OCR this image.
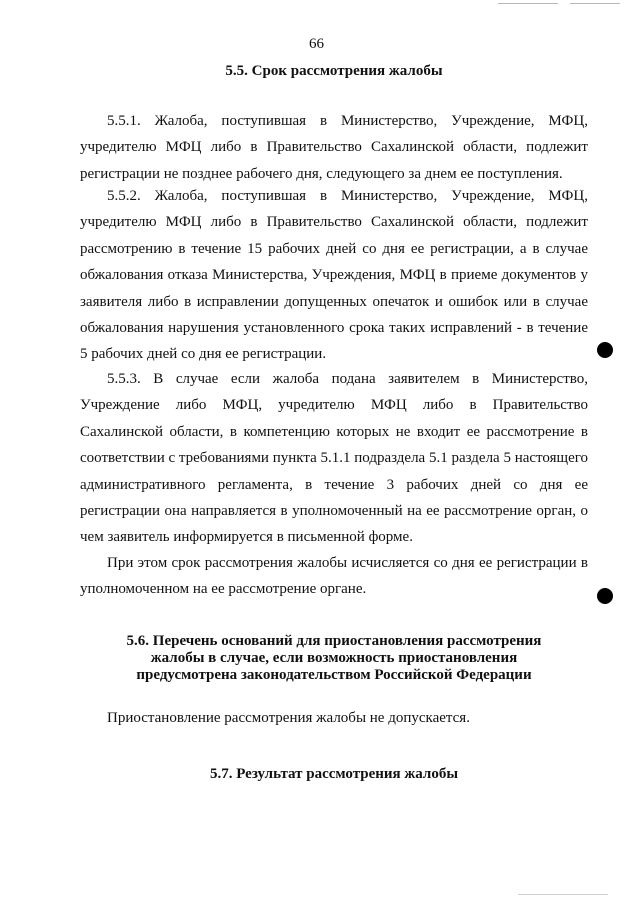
66
5.5. Срок рассмотрения жалобы
5.5.1. Жалоба, поступившая в Министерство, Учреждение, МФЦ, учредителю МФЦ либо в Правительство Сахалинской области, подлежит регистрации не позднее рабочего дня, следующего за днем ее поступления.
5.5.2. Жалоба, поступившая в Министерство, Учреждение, МФЦ, учредителю МФЦ либо в Правительство Сахалинской области, подлежит рассмотрению в течение 15 рабочих дней со дня ее регистрации, а в случае обжалования отказа Министерства, Учреждения, МФЦ в приеме документов у заявителя либо в исправлении допущенных опечаток и ошибок или в случае обжалования нарушения установленного срока таких исправлений - в течение 5 рабочих дней со дня ее регистрации.
5.5.3. В случае если жалоба подана заявителем в Министерство, Учреждение либо МФЦ, учредителю МФЦ либо в Правительство Сахалинской области, в компетенцию которых не входит ее рассмотрение в соответствии с требованиями пункта 5.1.1 подраздела 5.1 раздела 5 настоящего административного регламента, в течение 3 рабочих дней со дня ее регистрации она направляется в уполномоченный на ее рассмотрение орган, о чем заявитель информируется в письменной форме.
При этом срок рассмотрения жалобы исчисляется со дня ее регистрации в уполномоченном на ее рассмотрение органе.
5.6. Перечень оснований для приостановления рассмотрения
жалобы в случае, если возможность приостановления
предусмотрена законодательством Российской Федерации
Приостановление рассмотрения жалобы не допускается.
5.7. Результат рассмотрения жалобы
